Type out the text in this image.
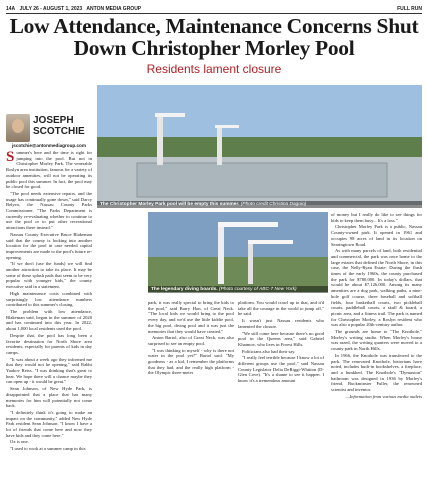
14A JULY 26 - AUGUST 1, 2023 ANTON MEDIA GROUP	FULL RUN
Low Attendance, Maintenance Concerns Shut Down Christopher Morley Pool
Residents lament closure
JOSEPH
SCOTCHIE
jscotchie@antonmediagroup.com
The Christopher Morley Park pool will be empty this summer. (Photo credit Christina Daguio)
The legendary diving boards. (Photo courtesy of ABC-7 New York)

Summer's here and the time is right for jumping into the pool. But not in Christopher Morley Park. The venerable Roslyn area institution, famous for a variety of outdoor amenities, will not be operating its public pool this summer. In fact, the pool may be closed for good.

"The pool needs extensive repairs, and the usage has continually gone down," said Darcy Belyea, the Nassau County Parks Commissioner. "The Parks Department is currently re-evaluating whether to continue to use the pool or to put other recreational attractions there instead."

Nassau County Executive Bruce Blakeman said that the county is looking into another location for the pool in case needed capital improvements are made to the pool's future re-opening.

"If we don't (use the funds) we will find another attraction to take its place. It may be some of these splash pads that seem to be very popular with younger kids," the county executive said in a statement.

High maintenance costs combined with surprisingly low attendance numbers contributed to this summer's closing.

The problem with low attendance, Blakeman said, began in the summer of 2020 and has continued into this year. In 2022, about 1,000 local residents used the pool.

Despite that, the pool has long been a favorite destination for North Shore area residents, especially for parents of kids in day camps.

"It was about a week ago they informed me that they would not be opening," said Rabbi Yaakov Reiss. "I was thinking that's great to hear. We hope there will a chance maybe they can open up - it would be great."

Sean Johnson, of New Hyde Park, is disappointed that a place that has many memories for him will potentially not come back.

"I definitely think it's going to make an impact on the community," added New Hyde Park resident Sean Johnson. "I know I have a lot of friends that come here and now they have kids and they come here."

Ox is one.

"I used to work at a summer camp in this

park, it was really special to bring the kids to the pool," said Barry Hon, of Great Neck. "The local kids we would bring to the pool every day, and we'd use the little kiddie pool, the big pool, diving pool and it was just the memories that they would have created."

Anton Bartol, also of Great Neck, was also surprised to see an empty pool.

"I was thinking to myself - why is there not water in the pool yet?" Bartol said. "My goodness - as a kid, I remember the platforms that they had, and the really high platform - the Olympic three-meter

platform. You would crawl up to that, and it'd take all the courage in the world to jump off," he said.

It wasn't just Nassau residents who lamented the closure.

"We still come here because there's no good pool in the Queens area," said Gabriel Khaimov, who lives in Forest Hills.

Politicians also had their say.

"I really feel terrible because I know a lot of different groups use the pool," said Nassau County Legislator Delia DeRiggi-Whitton (D-Glen Cove). "It's a shame to see it happen. I know it's a tremendous amount

of money but I really do like to see things for kids to keep them busy... It's a loss."

Christopher Morley Park is a public, Nassau County-owned park. It opened in 1961 and occupies 98 acres of land in its location on Searingtown Road.

As with many parcels of land, both residential and commercial, the park was once home to the large estates that defined the North Shore, in this case, the Nelly-Ryan Estate. During the flush times of the early 1960s, the county purchased the park for $780,000. In today's dollars, that would be about $7,126,000. Among its many amenities are a dog park, walking paths, a nine-hole golf course, three baseball and softball fields, four basketball courts, two pickleball courts, paddleball courts, a skull & board, a picnic area, and a fitness trail. The park is named for Christopher Morley, a Roslyn resident who was also a popular 20th-century author.

The grounds are home to "The Knothole," Morley's writing studio. When Morley's house was razed, the writing quarters were moved to a county park in North Hills.

In 1966, the Knothole was transferred to the park. The renovated Knothole, historians have noted, includes built-in bookshelves, a fireplace, and a bunkbed. The Knothole's "Dymaxion" bathroom was designed in 1936 by Morley's friend, Buckminster Fuller, the renowned scientist and inventor.

—Information from various media outlets
